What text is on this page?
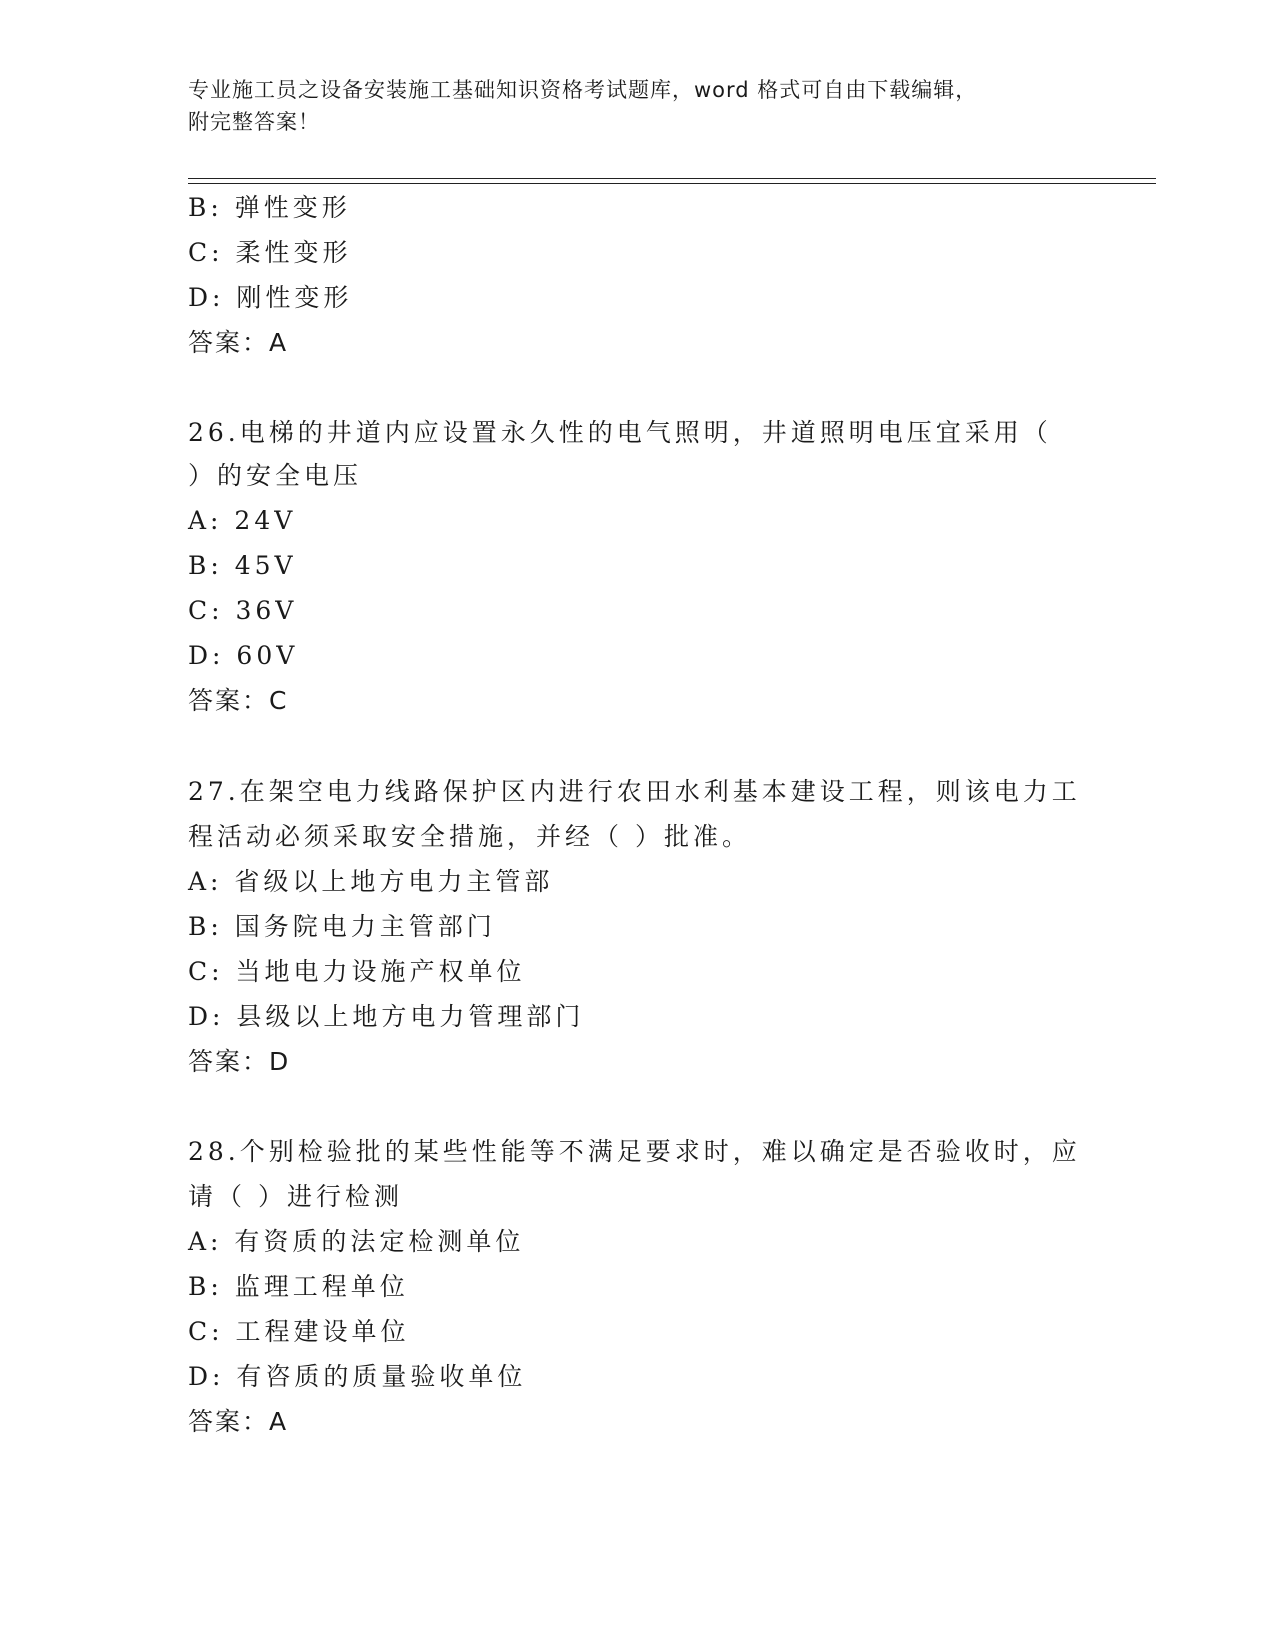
专业施工员之设备安装施工基础知识资格考试题库，word 格式可自由下载编辑，
附完整答案！
B: 弹性变形
C: 柔性变形
D: 刚性变形
答案：A
26.电梯的井道内应设置永久性的电气照明，井道照明电压宜采用（
）的安全电压
A: 24V
B: 45V
C: 36V
D: 60V
答案：C
27.在架空电力线路保护区内进行农田水利基本建设工程，则该电力工
程活动必须采取安全措施，并经（ ）批准。
A: 省级以上地方电力主管部
B: 国务院电力主管部门
C: 当地电力设施产权单位
D: 县级以上地方电力管理部门
答案：D
28.个别检验批的某些性能等不满足要求时，难以确定是否验收时，应
请（ ）进行检测
A: 有资质的法定检测单位
B: 监理工程单位
C: 工程建设单位
D: 有咨质的质量验收单位
答案：A
